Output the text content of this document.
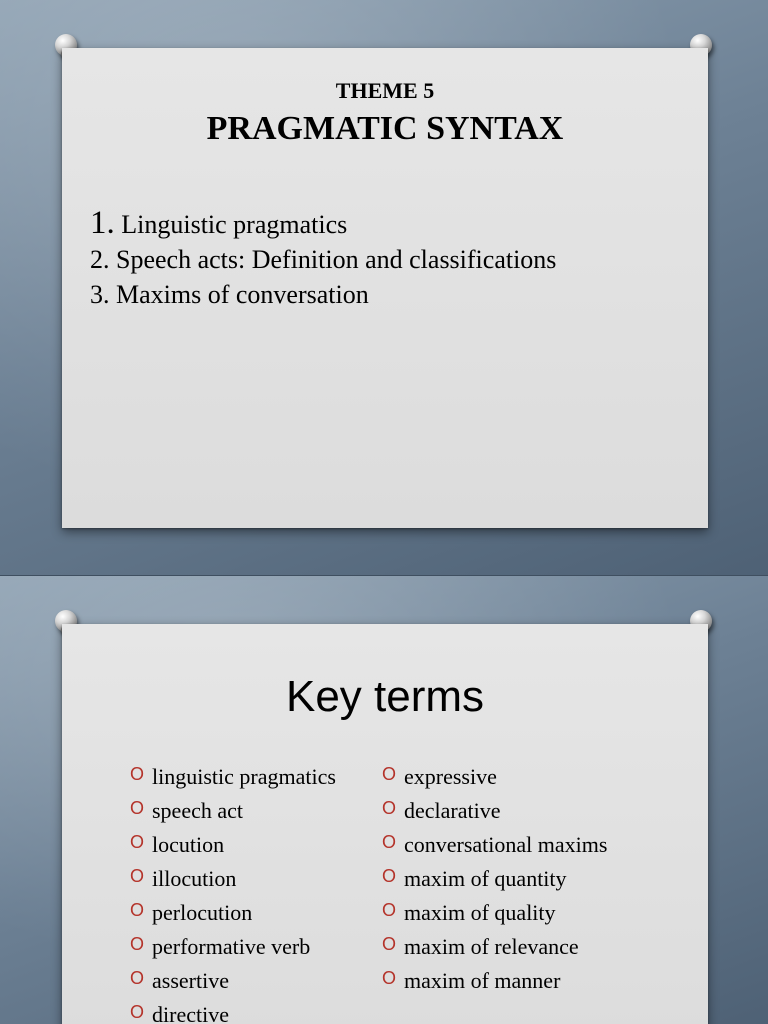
THEME 5
PRAGMATIC SYNTAX
1. Linguistic pragmatics
2. Speech acts: Definition and classifications
3. Maxims of conversation
Key terms
O linguistic pragmatics
O speech act
O locution
O illocution
O perlocution
O performative verb
O assertive
O directive
O expressive
O declarative
O conversational maxims
O maxim of quantity
O maxim of quality
O maxim of relevance
O maxim of manner
